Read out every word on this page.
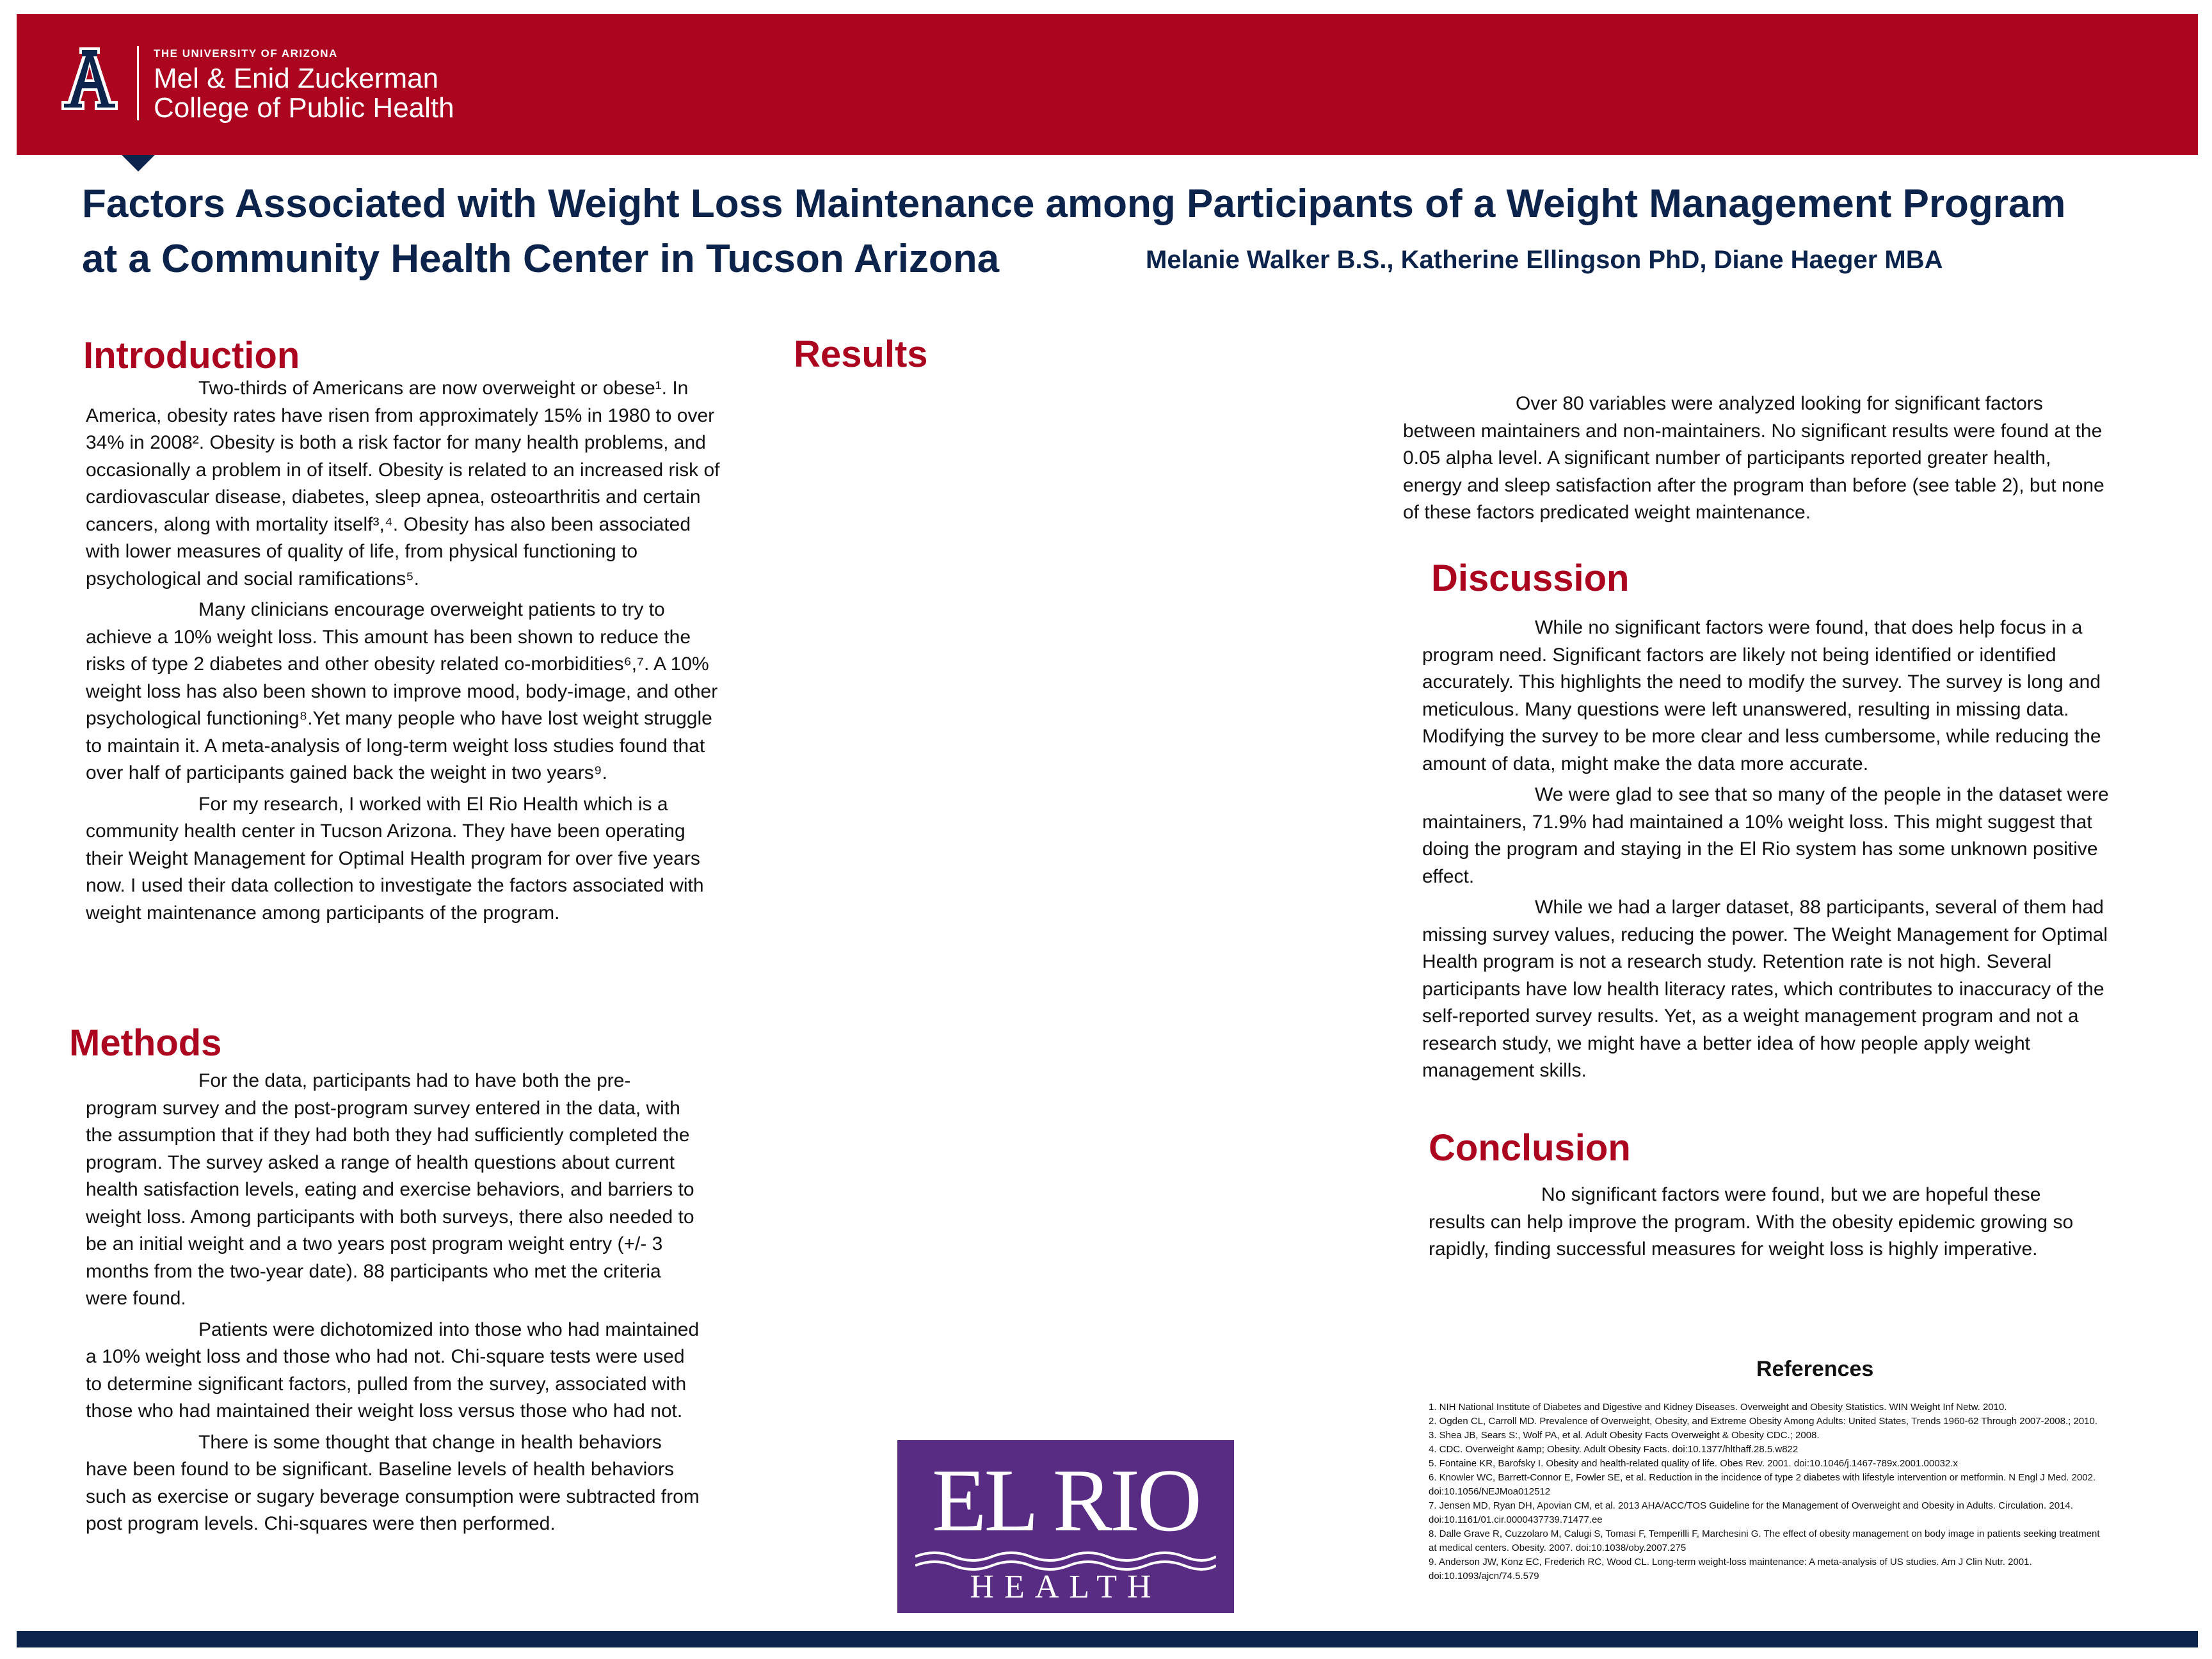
THE UNIVERSITY OF ARIZONA
Mel & Enid Zuckerman
College of Public Health
Factors Associated with Weight Loss Maintenance among Participants of a Weight Management Program
at a Community Health Center in Tucson Arizona	Melanie Walker B.S., Katherine Ellingson PhD, Diane Haeger MBA
Introduction

Two-thirds of Americans are now overweight or obese¹. In America, obesity rates have risen from approximately 15% in 1980 to over 34% in 2008². Obesity is both a risk factor for many health problems, and occasionally a problem in of itself. Obesity is related to an increased risk of cardiovascular disease, diabetes, sleep apnea, osteoarthritis and certain cancers, along with mortality itself³,⁴. Obesity has also been associated with lower measures of quality of life, from physical functioning to psychological and social ramifications⁵.

Many clinicians encourage overweight patients to try to achieve a 10% weight loss. This amount has been shown to reduce the risks of type 2 diabetes and other obesity related co-morbidities⁶,⁷. A 10% weight loss has also been shown to improve mood, body-image, and other psychological functioning⁸.Yet many people who have lost weight struggle to maintain it. A meta-analysis of long-term weight loss studies found that over half of participants gained back the weight in two years⁹.

For my research, I worked with El Rio Health which is a community health center in Tucson Arizona. They have been operating their Weight Management for Optimal Health program for over five years now. I used their data collection to investigate the factors associated with weight maintenance among participants of the program.

Methods

For the data, participants had to have both the pre-program survey and the post-program survey entered in the data, with the assumption that if they had both they had sufficiently completed the program. The survey asked a range of health questions about current health satisfaction levels, eating and exercise behaviors, and barriers to weight loss. Among participants with both surveys, there also needed to be an initial weight and a two years post program weight entry (+/- 3 months from the two-year date). 88 participants who met the criteria were found.

Patients were dichotomized into those who had maintained a 10% weight loss and those who had not. Chi-square tests were used to determine significant factors, pulled from the survey, associated with those who had maintained their weight loss versus those who had not.

There is some thought that change in health behaviors have been found to be significant. Baseline levels of health behaviors such as exercise or sugary beverage consumption were subtracted from post program levels. Chi-squares were then performed.

Results

Over 80 variables were analyzed looking for significant factors between maintainers and non-maintainers. No significant results were found at the 0.05 alpha level. A significant number of participants reported greater health, energy and sleep satisfaction after the program than before (see table 2), but none of these factors predicated weight maintenance.

Discussion

While no significant factors were found, that does help focus in a program need. Significant factors are likely not being identified or identified accurately. This highlights the need to modify the survey. The survey is long and meticulous. Many questions were left unanswered, resulting in missing data. Modifying the survey to be more clear and less cumbersome, while reducing the amount of data, might make the data more accurate.

We were glad to see that so many of the people in the dataset were maintainers, 71.9% had maintained a 10% weight loss. This might suggest that doing the program and staying in the El Rio system has some unknown positive effect.

While we had a larger dataset, 88 participants, several of them had missing survey values, reducing the power. The Weight Management for Optimal Health program is not a research study. Retention rate is not high. Several participants have low health literacy rates, which contributes to inaccuracy of the self-reported survey results. Yet, as a weight management program and not a research study, we might have a better idea of how people apply weight management skills.

Conclusion

No significant factors were found, but we are hopeful these results can help improve the program. With the obesity epidemic growing so rapidly, finding successful measures for weight loss is highly imperative.

References
1. NIH National Institute of Diabetes and Digestive and Kidney Diseases. Overweight and Obesity Statistics. WIN Weight Inf Netw. 2010.
2. Ogden CL, Carroll MD. Prevalence of Overweight, Obesity, and Extreme Obesity Among Adults: United States, Trends 1960-62 Through 2007-2008.; 2010.
3. Shea JB, Sears S:, Wolf PA, et al. Adult Obesity Facts Overweight & Obesity CDC.; 2008.
4. CDC. Overweight &amp; Obesity. Adult Obesity Facts. doi:10.1377/hlthaff.28.5.w822
5. Fontaine KR, Barofsky I. Obesity and health-related quality of life. Obes Rev. 2001. doi:10.1046/j.1467-789x.2001.00032.x
6. Knowler WC, Barrett-Connor E, Fowler SE, et al. Reduction in the incidence of type 2 diabetes with lifestyle intervention or metformin. N Engl J Med. 2002. doi:10.1056/NEJMoa012512
7. Jensen MD, Ryan DH, Apovian CM, et al. 2013 AHA/ACC/TOS Guideline for the Management of Overweight and Obesity in Adults. Circulation. 2014. doi:10.1161/01.cir.0000437739.71477.ee
8. Dalle Grave R, Cuzzolaro M, Calugi S, Tomasi F, Temperilli F, Marchesini G. The effect of obesity management on body image in patients seeking treatment at medical centers. Obesity. 2007. doi:10.1038/oby.2007.275
9. Anderson JW, Konz EC, Frederich RC, Wood CL. Long-term weight-loss maintenance: A meta-analysis of US studies. Am J Clin Nutr. 2001. doi:10.1093/ajcn/74.5.579
EL RIO
HEALTH
